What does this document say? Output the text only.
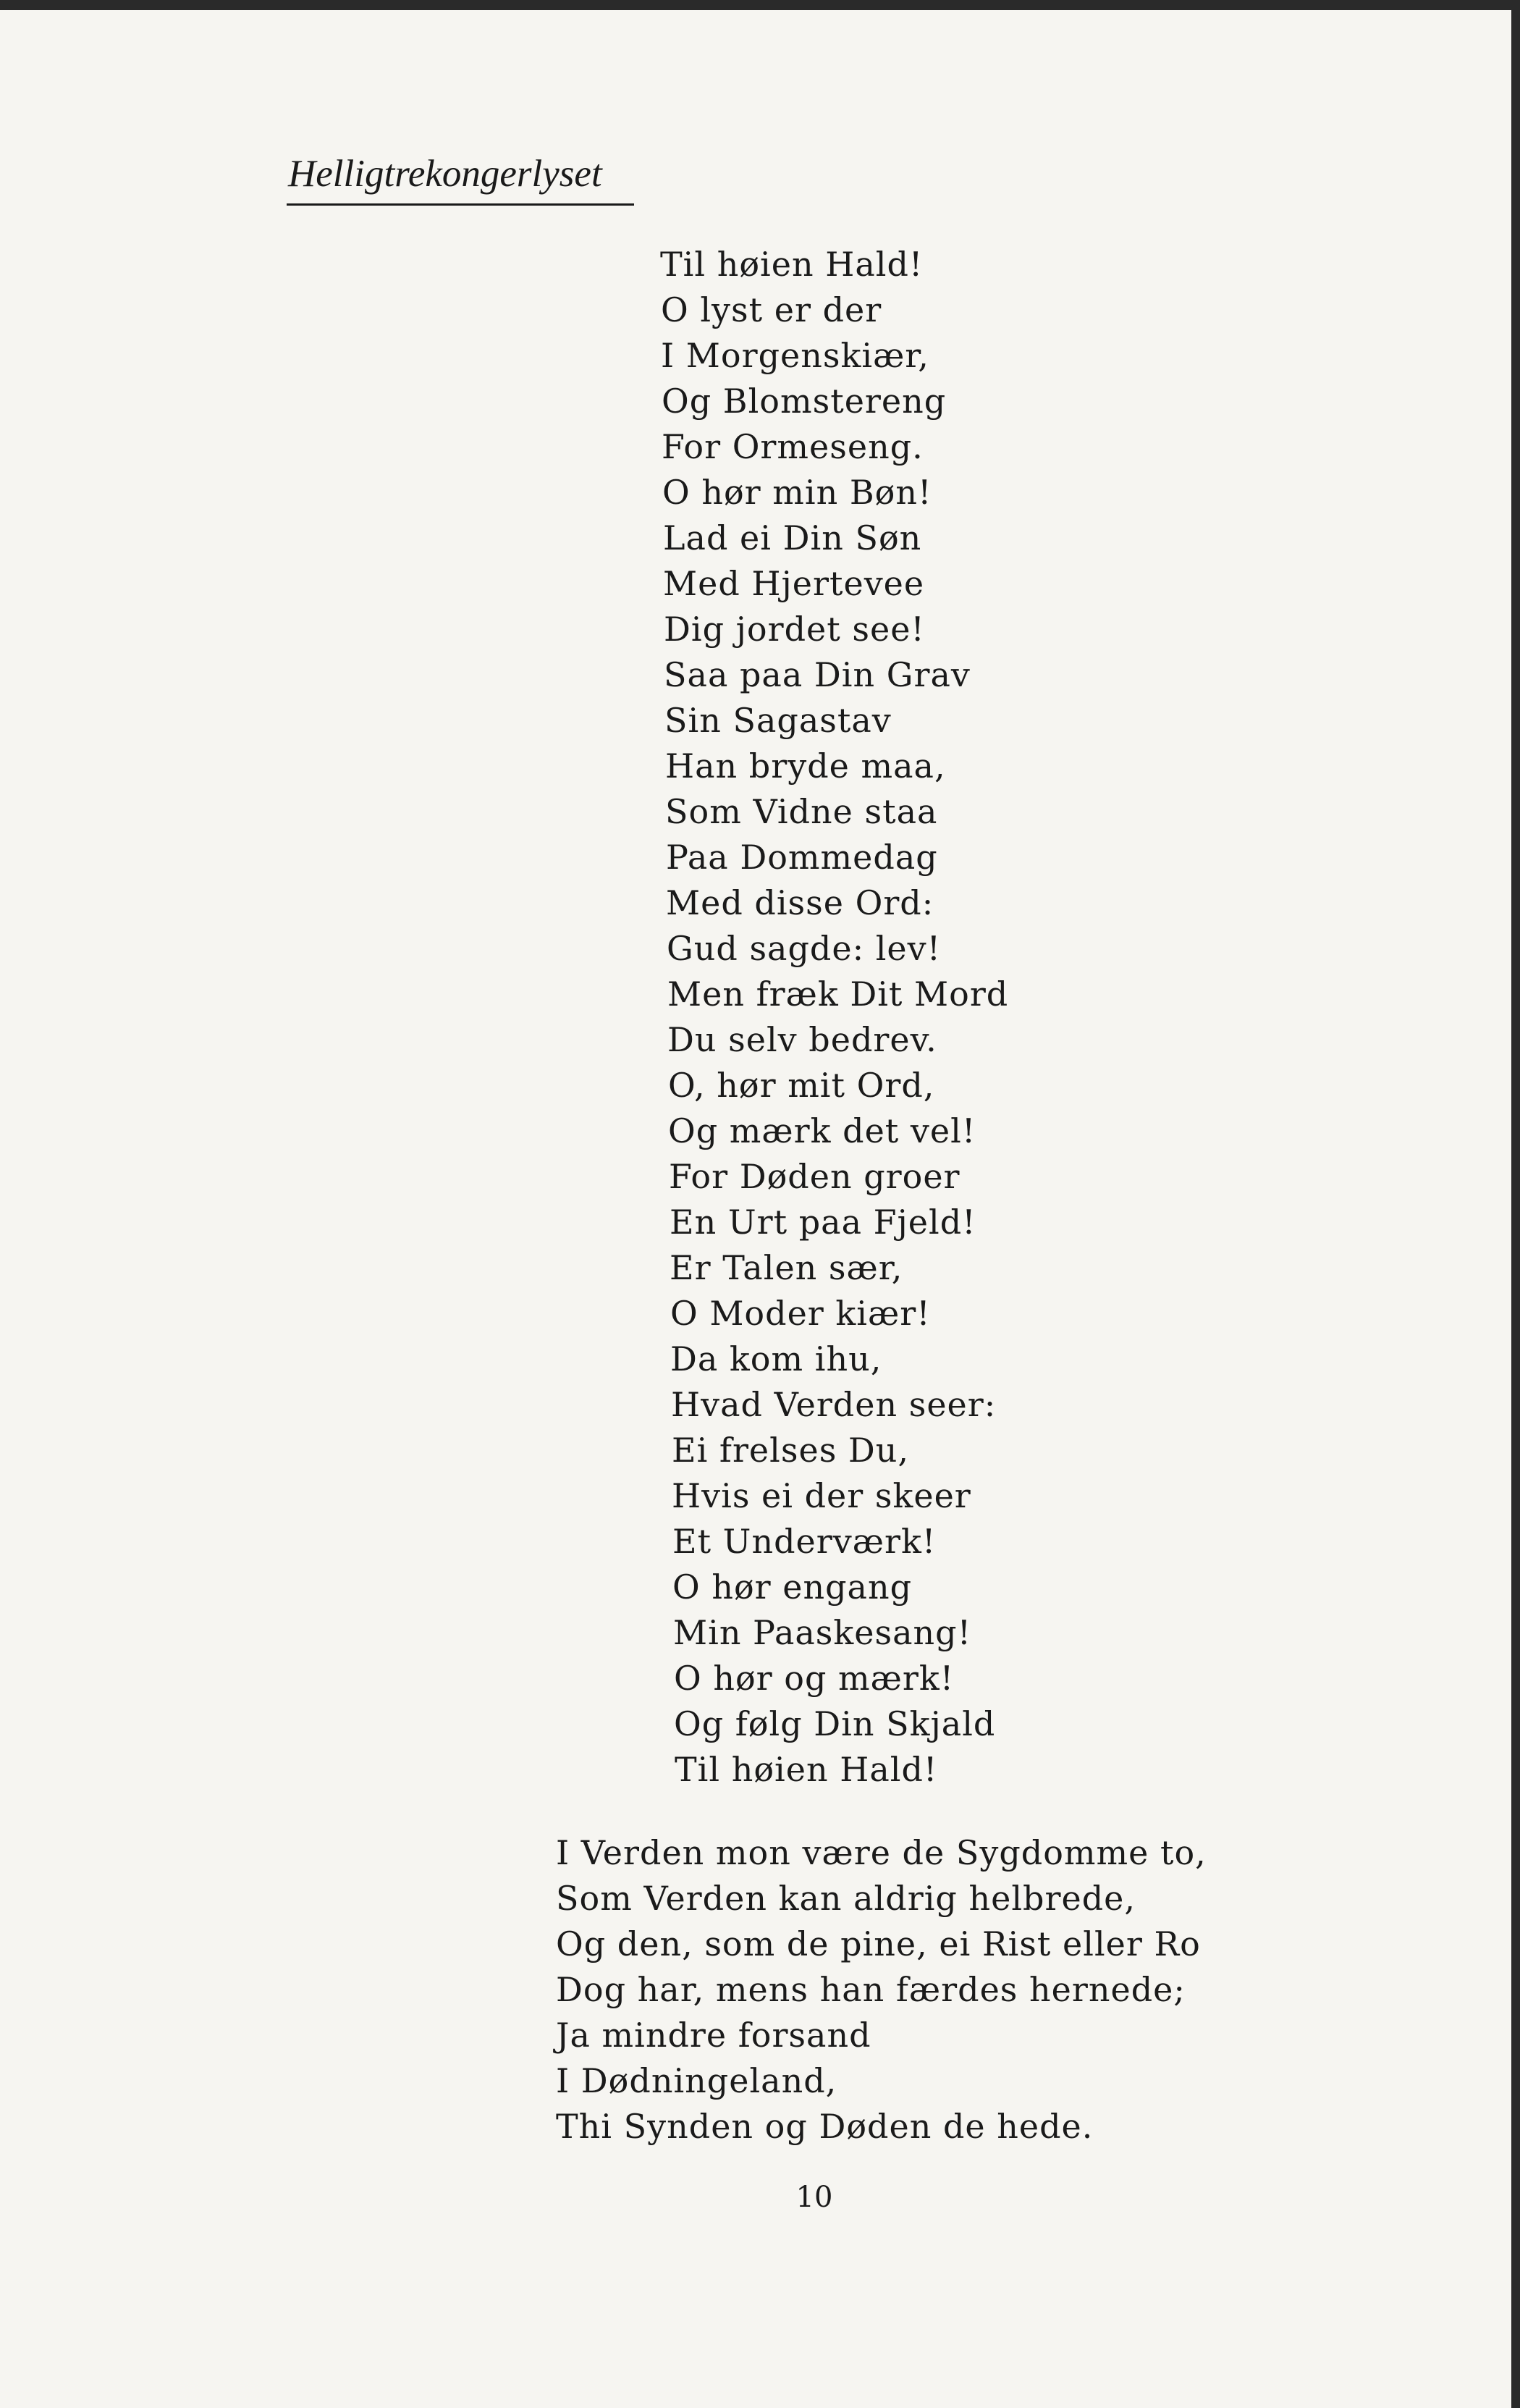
Helligtrekongerlyset
Til høien Hald!
O lyst er der
I Morgenskiær,
Og Blomstereng
For Ormeseng.
O hør min Bøn!
Lad ei Din Søn
Med Hjertevee
Dig jordet see!
Saa paa Din Grav
Sin Sagastav
Han bryde maa,
Som Vidne staa
Paa Dommedag
Med disse Ord:
Gud sagde: lev!
Men fræk Dit Mord
Du selv bedrev.
O, hør mit Ord,
Og mærk det vel!
For Døden groer
En Urt paa Fjeld!
Er Talen sær,
O Moder kiær!
Da kom ihu,
Hvad Verden seer:
Ei frelses Du,
Hvis ei der skeer
Et Underværk!
O hør engang
Min Paaskesang!
O hør og mærk!
Og følg Din Skjald
Til høien Hald!
I Verden mon være de Sygdomme to,
Som Verden kan aldrig helbrede,
Og den, som de pine, ei Rist eller Ro
Dog har, mens han færdes hernede;
Ja mindre forsand
I Dødningeland,
Thi Synden og Døden de hede.
10
